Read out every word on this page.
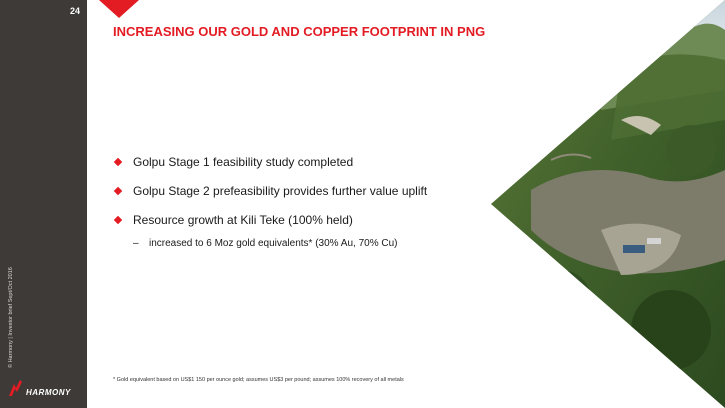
24
© Harmony | Investor brief Sept/Oct 2016
HARMONY
INCREASING OUR GOLD AND COPPER FOOTPRINT IN PNG
Golpu Stage 1 feasibility study completed
Golpu Stage 2 prefeasibility provides further value uplift
Resource growth at Kili Teke (100% held)
– increased to 6 Moz gold equivalents* (30% Au, 70% Cu)
* Gold equivalent based on US$1 150 per ounce gold; assumes US$3 per pound; assumes 100% recovery of all metals
